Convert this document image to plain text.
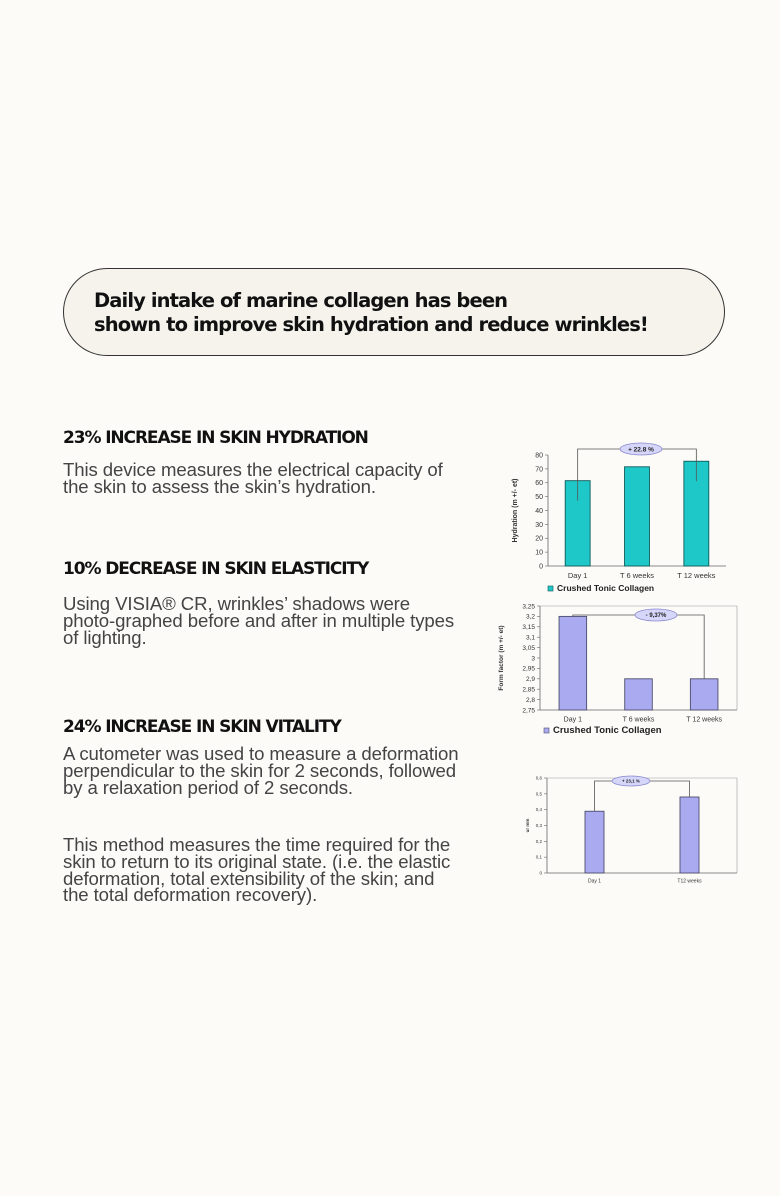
Daily intake of marine collagen has been
shown to improve skin hydration and reduce wrinkles!
23% INCREASE IN SKIN HYDRATION

This device measures the electrical capacity of the skin to assess the skin’s hydration.

10% DECREASE IN SKIN ELASTICITY

Using VISIA® CR, wrinkles’ shadows were photo-graphed before and after in multiple types of lighting.

24% INCREASE IN SKIN VITALITY

A cutometer was used to measure a deformation perpendicular to the skin for 2 seconds, followed by a relaxation period of 2 seconds.

This method measures the time required for the skin to return to its original state. (i.e. the elastic deformation, total extensibility of the skin; and the total deformation recovery).

0
10
20
30
40
50
60
70
80
Hydration (m +/- et)
Day 1	T 6 weeks	T 12 weeks
+ 22.8 %
Crushed Tonic Collagen
2,75
2,8
2,85
2,9
2,95
3
3,05
3,1
3,15
3,2
3,25
Form factor (m +/- et)
Day 1	T 6 weeks	T 12 weeks
- 9,37%
Crushed Tonic Collagen
0
0,1
0,2
0,3
0,4
0,5
0,6
ur mm
Day 1	T12 weeks
+ 23,1 %
